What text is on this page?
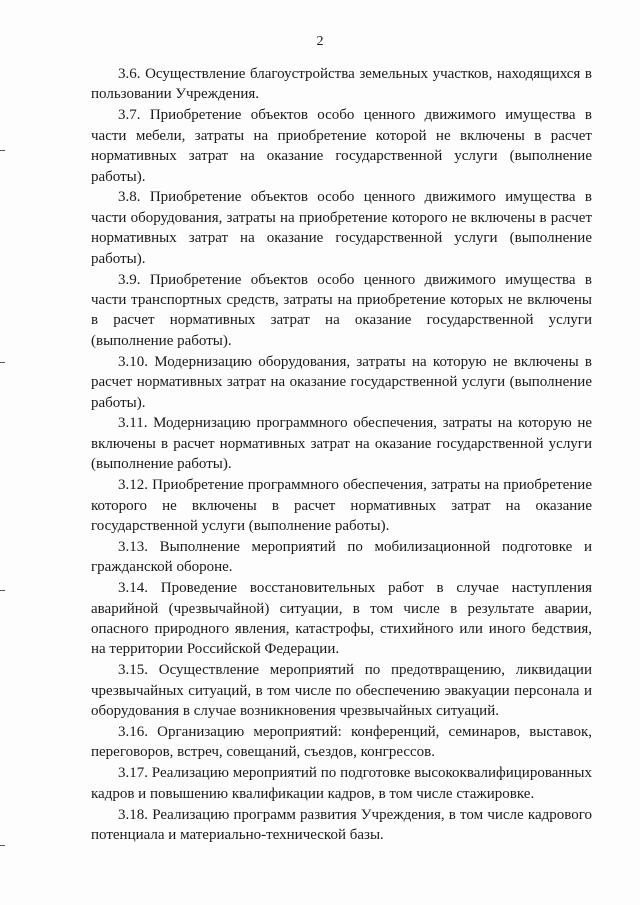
2

3.6. Осуществление благоустройства земельных участков, находящихся в пользовании Учреждения.

3.7. Приобретение объектов особо ценного движимого имущества в части мебели, затраты на приобретение которой не включены в расчет нормативных затрат на оказание государственной услуги (выполнение работы).

3.8. Приобретение объектов особо ценного движимого имущества в части оборудования, затраты на приобретение которого не включены в расчет нормативных затрат на оказание государственной услуги (выполнение работы).

3.9. Приобретение объектов особо ценного движимого имущества в части транспортных средств, затраты на приобретение которых не включены в расчет нормативных затрат на оказание государственной услуги (выполнение работы).

3.10. Модернизацию оборудования, затраты на которую не включены в расчет нормативных затрат на оказание государственной услуги (выполнение работы).

3.11. Модернизацию программного обеспечения, затраты на которую не включены в расчет нормативных затрат на оказание государственной услуги (выполнение работы).

3.12. Приобретение программного обеспечения, затраты на приобретение которого не включены в расчет нормативных затрат на оказание государственной услуги (выполнение работы).

3.13. Выполнение мероприятий по мобилизационной подготовке и гражданской обороне.

3.14. Проведение восстановительных работ в случае наступления аварийной (чрезвычайной) ситуации, в том числе в результате аварии, опасного природного явления, катастрофы, стихийного или иного бедствия, на территории Российской Федерации.

3.15. Осуществление мероприятий по предотвращению, ликвидации чрезвычайных ситуаций, в том числе по обеспечению эвакуации персонала и оборудования в случае возникновения чрезвычайных ситуаций.

3.16. Организацию мероприятий: конференций, семинаров, выставок, переговоров, встреч, совещаний, съездов, конгрессов.

3.17. Реализацию мероприятий по подготовке высококвалифицированных кадров и повышению квалификации кадров, в том числе стажировке.

3.18. Реализацию программ развития Учреждения, в том числе кадрового потенциала и материально-технической базы.
